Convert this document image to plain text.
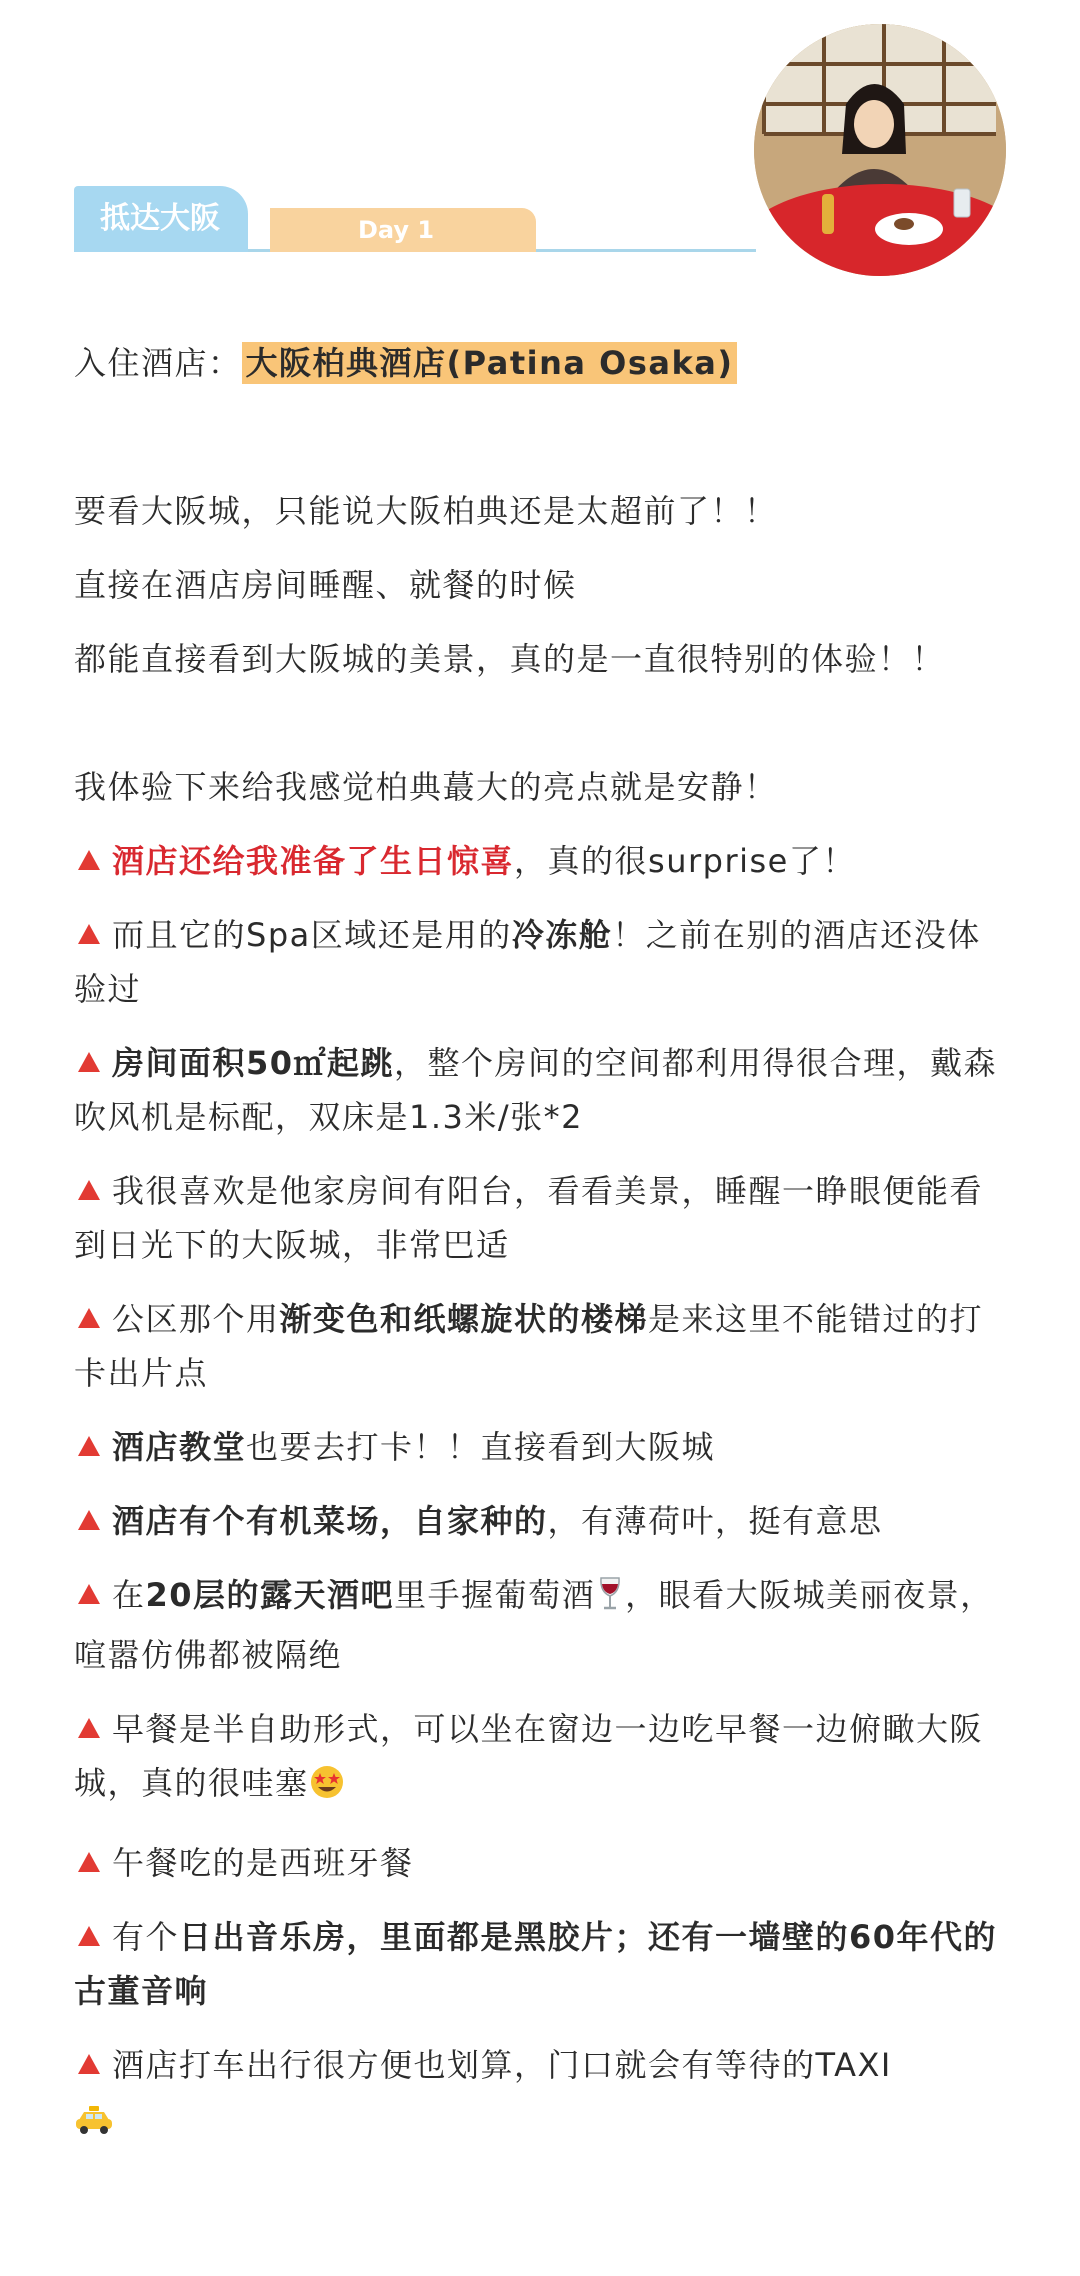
抵达大阪	Day 1
入住酒店： 大阪柏典酒店(Patina Osaka)
要看大阪城，只能说大阪柏典还是太超前了！！
直接在酒店房间睡醒、就餐的时候
都能直接看到大阪城的美景，真的是一直很特别的体验！！
我体验下来给我感觉柏典蕞大的亮点就是安静！
酒店还给我准备了生日惊喜，真的很surprise了！
而且它的Spa区域还是用的冷冻舱！之前在别的酒店还没体验过
房间面积50㎡起跳，整个房间的空间都利用得很合理，戴森吹风机是标配，双床是1.3米/张*2
我很喜欢是他家房间有阳台，看看美景，睡醒一睁眼便能看到日光下的大阪城，非常巴适
公区那个用渐变色和纸螺旋状的楼梯是来这里不能错过的打卡出片点
酒店教堂也要去打卡！！直接看到大阪城
酒店有个有机菜场，自家种的，有薄荷叶，挺有意思
在20层的露天酒吧里手握葡萄酒 ，眼看大阪城美丽夜景，喧嚣仿佛都被隔绝
早餐是半自助形式，可以坐在窗边一边吃早餐一边俯瞰大阪城，真的很哇塞
午餐吃的是西班牙餐
有个日出音乐房，里面都是黑胶片；还有一墙壁的60年代的古董音响
酒店打车出行很方便也划算，门口就会有等待的TAXI
